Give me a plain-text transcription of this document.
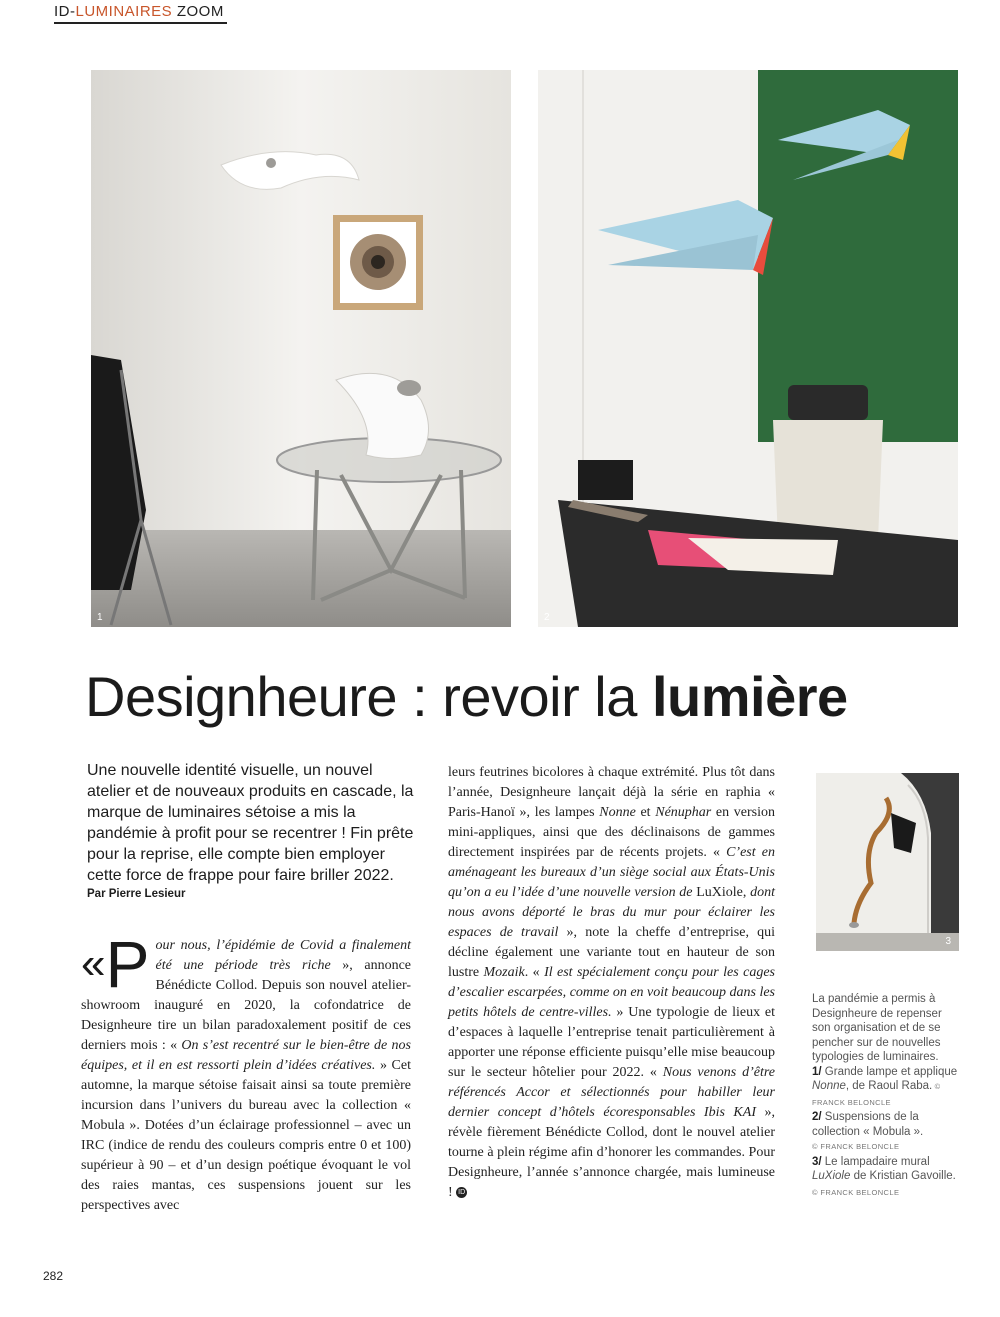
ID-LUMINAIRES ZOOM
1	2
3
Designheure : revoir la lumière
Une nouvelle identité visuelle, un nouvel atelier et de nouveaux produits en cascade, la marque de luminaires sétoise a mis la pandémie à profit pour se recentrer ! Fin prête pour la reprise, elle compte bien employer cette force de frappe pour faire briller 2022.
Par Pierre Lesieur
«P our nous, l’épidémie de Covid a finalement été une période très riche », annonce Bénédicte Collod. Depuis son nouvel atelier-showroom inauguré en 2020, la cofondatrice de Designheure tire un bilan paradoxalement positif de ces derniers mois : « On s’est recentré sur le bien-être de nos équipes, et il en est ressorti plein d’idées créatives. » Cet automne, la marque sétoise faisait ainsi sa toute première incursion dans l’univers du bureau avec la collection « Mobula ». Dotées d’un éclairage professionnel – avec un IRC (indice de rendu des couleurs compris entre 0 et 100) supérieur à 90 – et d’un design poétique évoquant le vol des raies mantas, ces suspensions jouent sur les perspectives avec
leurs feutrines bicolores à chaque extrémité. Plus tôt dans l’année, Designheure lançait déjà la série en raphia « Paris-Hanoï », les lampes Nonne et Nénuphar en version mini-appliques, ainsi que des déclinaisons de gammes directement inspirées par de récents projets. « C’est en aménageant les bureaux d’un siège social aux États-Unis qu’on a eu l’idée d’une nouvelle version de LuXiole, dont nous avons déporté le bras du mur pour éclairer les espaces de travail », note la cheffe d’entreprise, qui décline également une variante tout en hauteur de son lustre Mozaik. « Il est spécialement conçu pour les cages d’escalier escarpées, comme on en voit beaucoup dans les petits hôtels de centre-villes. » Une typologie de lieux et d’espaces à laquelle l’entreprise tenait particulièrement à apporter une réponse efficiente puisqu’elle mise beaucoup sur le secteur hôtelier pour 2022. « Nous venons d’être référencés Accor et sélectionnés pour habiller leur dernier concept d’hôtels écoresponsables Ibis KAI », révèle fièrement Bénédicte Collod, dont le nouvel atelier tourne à plein régime afin d’honorer les commandes. Pour Designheure, l’année s’annonce chargée, mais lumineuse ! ID
La pandémie a permis à Designheure de repenser son organisation et de se pencher sur de nouvelles typologies de luminaires.
1/ Grande lampe et applique Nonne, de Raoul Raba. © FRANCK BELONCLE
2/ Suspensions de la collection « Mobula ».
© FRANCK BELONCLE
3/ Le lampadaire mural LuXiole de Kristian Gavoille. © FRANCK BELONCLE
282
